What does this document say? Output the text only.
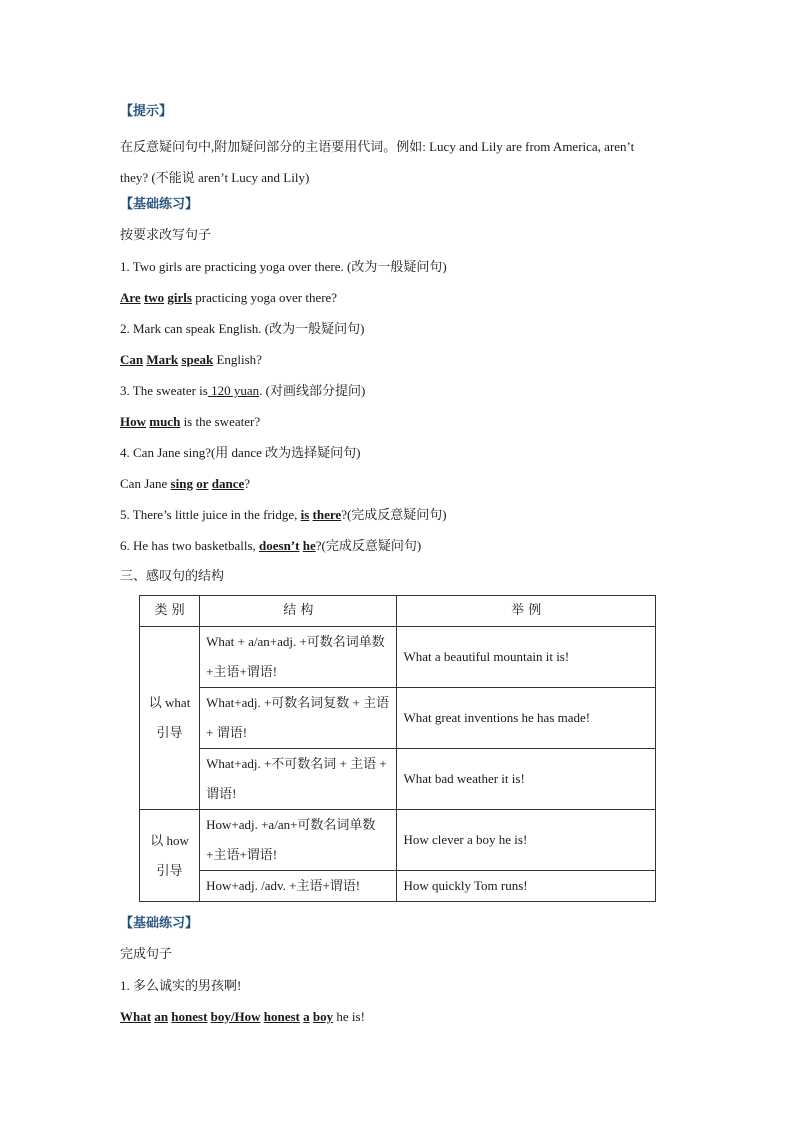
【提示】
在反意疑问句中,附加疑问部分的主语要用代词。例如: Lucy and Lily are from America, aren’t
they? (不能说 aren’t Lucy and Lily)
【基础练习】
按要求改写句子
1. Two girls are practicing yoga over there. (改为一般疑问句)
Are two girls practicing yoga over there?
2. Mark can speak English. (改为一般疑问句)
Can Mark speak English?
3. The sweater is 120 yuan. (对画线部分提问)
How much is the sweater?
4. Can Jane sing?(用 dance 改为选择疑问句)
Can Jane sing or dance?
5. There’s little juice in the fridge, is there?(完成反意疑问句)
6. He has two basketballs, doesn’t he?(完成反意疑问句)
三、感叹句的结构
类 别	结 构	举 例
以 what 引导	What + a/an+adj. +可数名词单数+主语+谓语!	What a beautiful mountain it is!
	What+adj. +可数名词复数 + 主语 + 谓语!	What great inventions he has made!
	What+adj. +不可数名词 + 主语 + 谓语!	What bad weather it is!
以 how 引导	How+adj. +a/an+可数名词单数+主语+谓语!	How clever a boy he is!
	How+adj. /adv. +主语+谓语!	How quickly Tom runs!
【基础练习】
完成句子
1. 多么诚实的男孩啊!
What an honest boy/How honest a boy he is!
